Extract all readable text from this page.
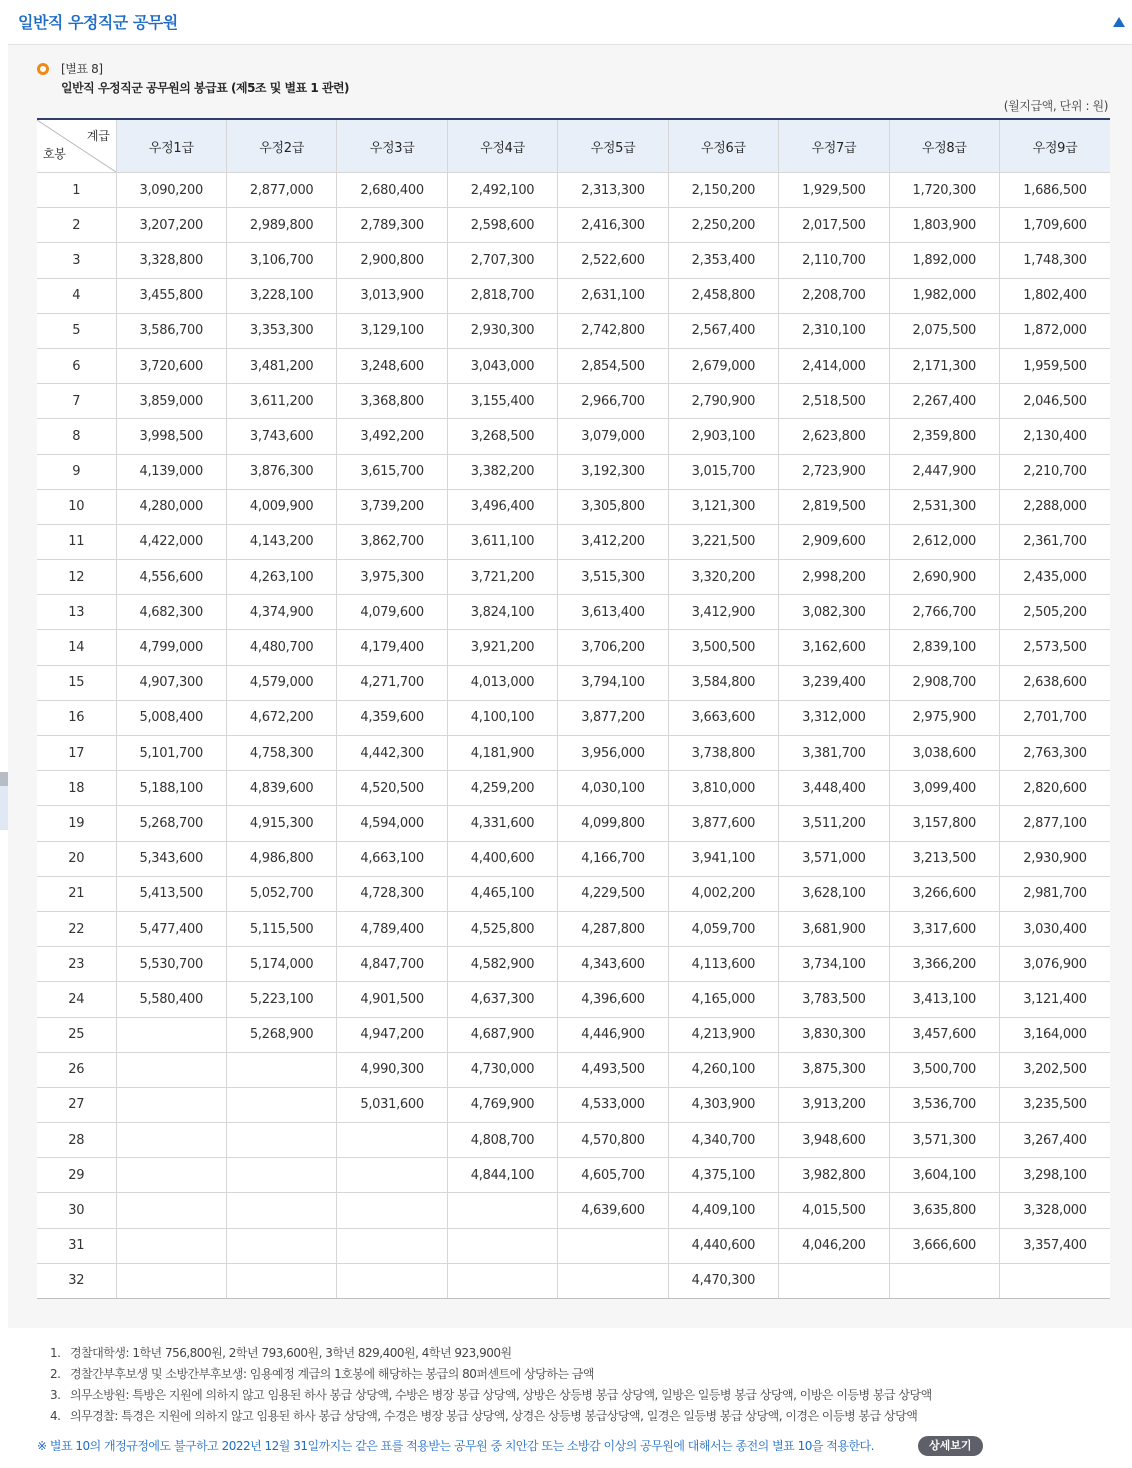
일반직 우정직군 공무원
[별표 8]
일반직 우정직군 공무원의 봉급표 (제5조 및 별표 1 관련)
(월지급액, 단위 : 원)
계급
호봉	우정1급	우정2급	우정3급	우정4급	우정5급	우정6급	우정7급	우정8급	우정9급
1	3,090,200	2,877,000	2,680,400	2,492,100	2,313,300	2,150,200	1,929,500	1,720,300	1,686,500
2	3,207,200	2,989,800	2,789,300	2,598,600	2,416,300	2,250,200	2,017,500	1,803,900	1,709,600
3	3,328,800	3,106,700	2,900,800	2,707,300	2,522,600	2,353,400	2,110,700	1,892,000	1,748,300
4	3,455,800	3,228,100	3,013,900	2,818,700	2,631,100	2,458,800	2,208,700	1,982,000	1,802,400
5	3,586,700	3,353,300	3,129,100	2,930,300	2,742,800	2,567,400	2,310,100	2,075,500	1,872,000
6	3,720,600	3,481,200	3,248,600	3,043,000	2,854,500	2,679,000	2,414,000	2,171,300	1,959,500
7	3,859,000	3,611,200	3,368,800	3,155,400	2,966,700	2,790,900	2,518,500	2,267,400	2,046,500
8	3,998,500	3,743,600	3,492,200	3,268,500	3,079,000	2,903,100	2,623,800	2,359,800	2,130,400
9	4,139,000	3,876,300	3,615,700	3,382,200	3,192,300	3,015,700	2,723,900	2,447,900	2,210,700
10	4,280,000	4,009,900	3,739,200	3,496,400	3,305,800	3,121,300	2,819,500	2,531,300	2,288,000
11	4,422,000	4,143,200	3,862,700	3,611,100	3,412,200	3,221,500	2,909,600	2,612,000	2,361,700
12	4,556,600	4,263,100	3,975,300	3,721,200	3,515,300	3,320,200	2,998,200	2,690,900	2,435,000
13	4,682,300	4,374,900	4,079,600	3,824,100	3,613,400	3,412,900	3,082,300	2,766,700	2,505,200
14	4,799,000	4,480,700	4,179,400	3,921,200	3,706,200	3,500,500	3,162,600	2,839,100	2,573,500
15	4,907,300	4,579,000	4,271,700	4,013,000	3,794,100	3,584,800	3,239,400	2,908,700	2,638,600
16	5,008,400	4,672,200	4,359,600	4,100,100	3,877,200	3,663,600	3,312,000	2,975,900	2,701,700
17	5,101,700	4,758,300	4,442,300	4,181,900	3,956,000	3,738,800	3,381,700	3,038,600	2,763,300
18	5,188,100	4,839,600	4,520,500	4,259,200	4,030,100	3,810,000	3,448,400	3,099,400	2,820,600
19	5,268,700	4,915,300	4,594,000	4,331,600	4,099,800	3,877,600	3,511,200	3,157,800	2,877,100
20	5,343,600	4,986,800	4,663,100	4,400,600	4,166,700	3,941,100	3,571,000	3,213,500	2,930,900
21	5,413,500	5,052,700	4,728,300	4,465,100	4,229,500	4,002,200	3,628,100	3,266,600	2,981,700
22	5,477,400	5,115,500	4,789,400	4,525,800	4,287,800	4,059,700	3,681,900	3,317,600	3,030,400
23	5,530,700	5,174,000	4,847,700	4,582,900	4,343,600	4,113,600	3,734,100	3,366,200	3,076,900
24	5,580,400	5,223,100	4,901,500	4,637,300	4,396,600	4,165,000	3,783,500	3,413,100	3,121,400
25		5,268,900	4,947,200	4,687,900	4,446,900	4,213,900	3,830,300	3,457,600	3,164,000
26			4,990,300	4,730,000	4,493,500	4,260,100	3,875,300	3,500,700	3,202,500
27			5,031,600	4,769,900	4,533,000	4,303,900	3,913,200	3,536,700	3,235,500
28				4,808,700	4,570,800	4,340,700	3,948,600	3,571,300	3,267,400
29				4,844,100	4,605,700	4,375,100	3,982,800	3,604,100	3,298,100
30					4,639,600	4,409,100	4,015,500	3,635,800	3,328,000
31						4,440,600	4,046,200	3,666,600	3,357,400
32						4,470,300			
1. 경찰대학생: 1학년 756,800원, 2학년 793,600원, 3학년 829,400원, 4학년 923,900원
2. 경찰간부후보생 및 소방간부후보생: 임용예정 계급의 1호봉에 해당하는 봉급의 80퍼센트에 상당하는 금액
3. 의무소방원: 특방은 지원에 의하지 않고 임용된 하사 봉급 상당액, 수방은 병장 봉급 상당액, 상방은 상등병 봉급 상당액, 일방은 일등병 봉급 상당액, 이방은 이등병 봉급 상당액
4. 의무경찰: 특경은 지원에 의하지 않고 임용된 하사 봉급 상당액, 수경은 병장 봉급 상당액, 상경은 상등병 봉급상당액, 일경은 일등병 봉급 상당액, 이경은 이등병 봉급 상당액
※ 별표 10의 개정규정에도 불구하고 2022년 12월 31일까지는 같은 표를 적용받는 공무원 중 치안감 또는 소방감 이상의 공무원에 대해서는 종전의 별표 10을 적용한다.	상세보기
